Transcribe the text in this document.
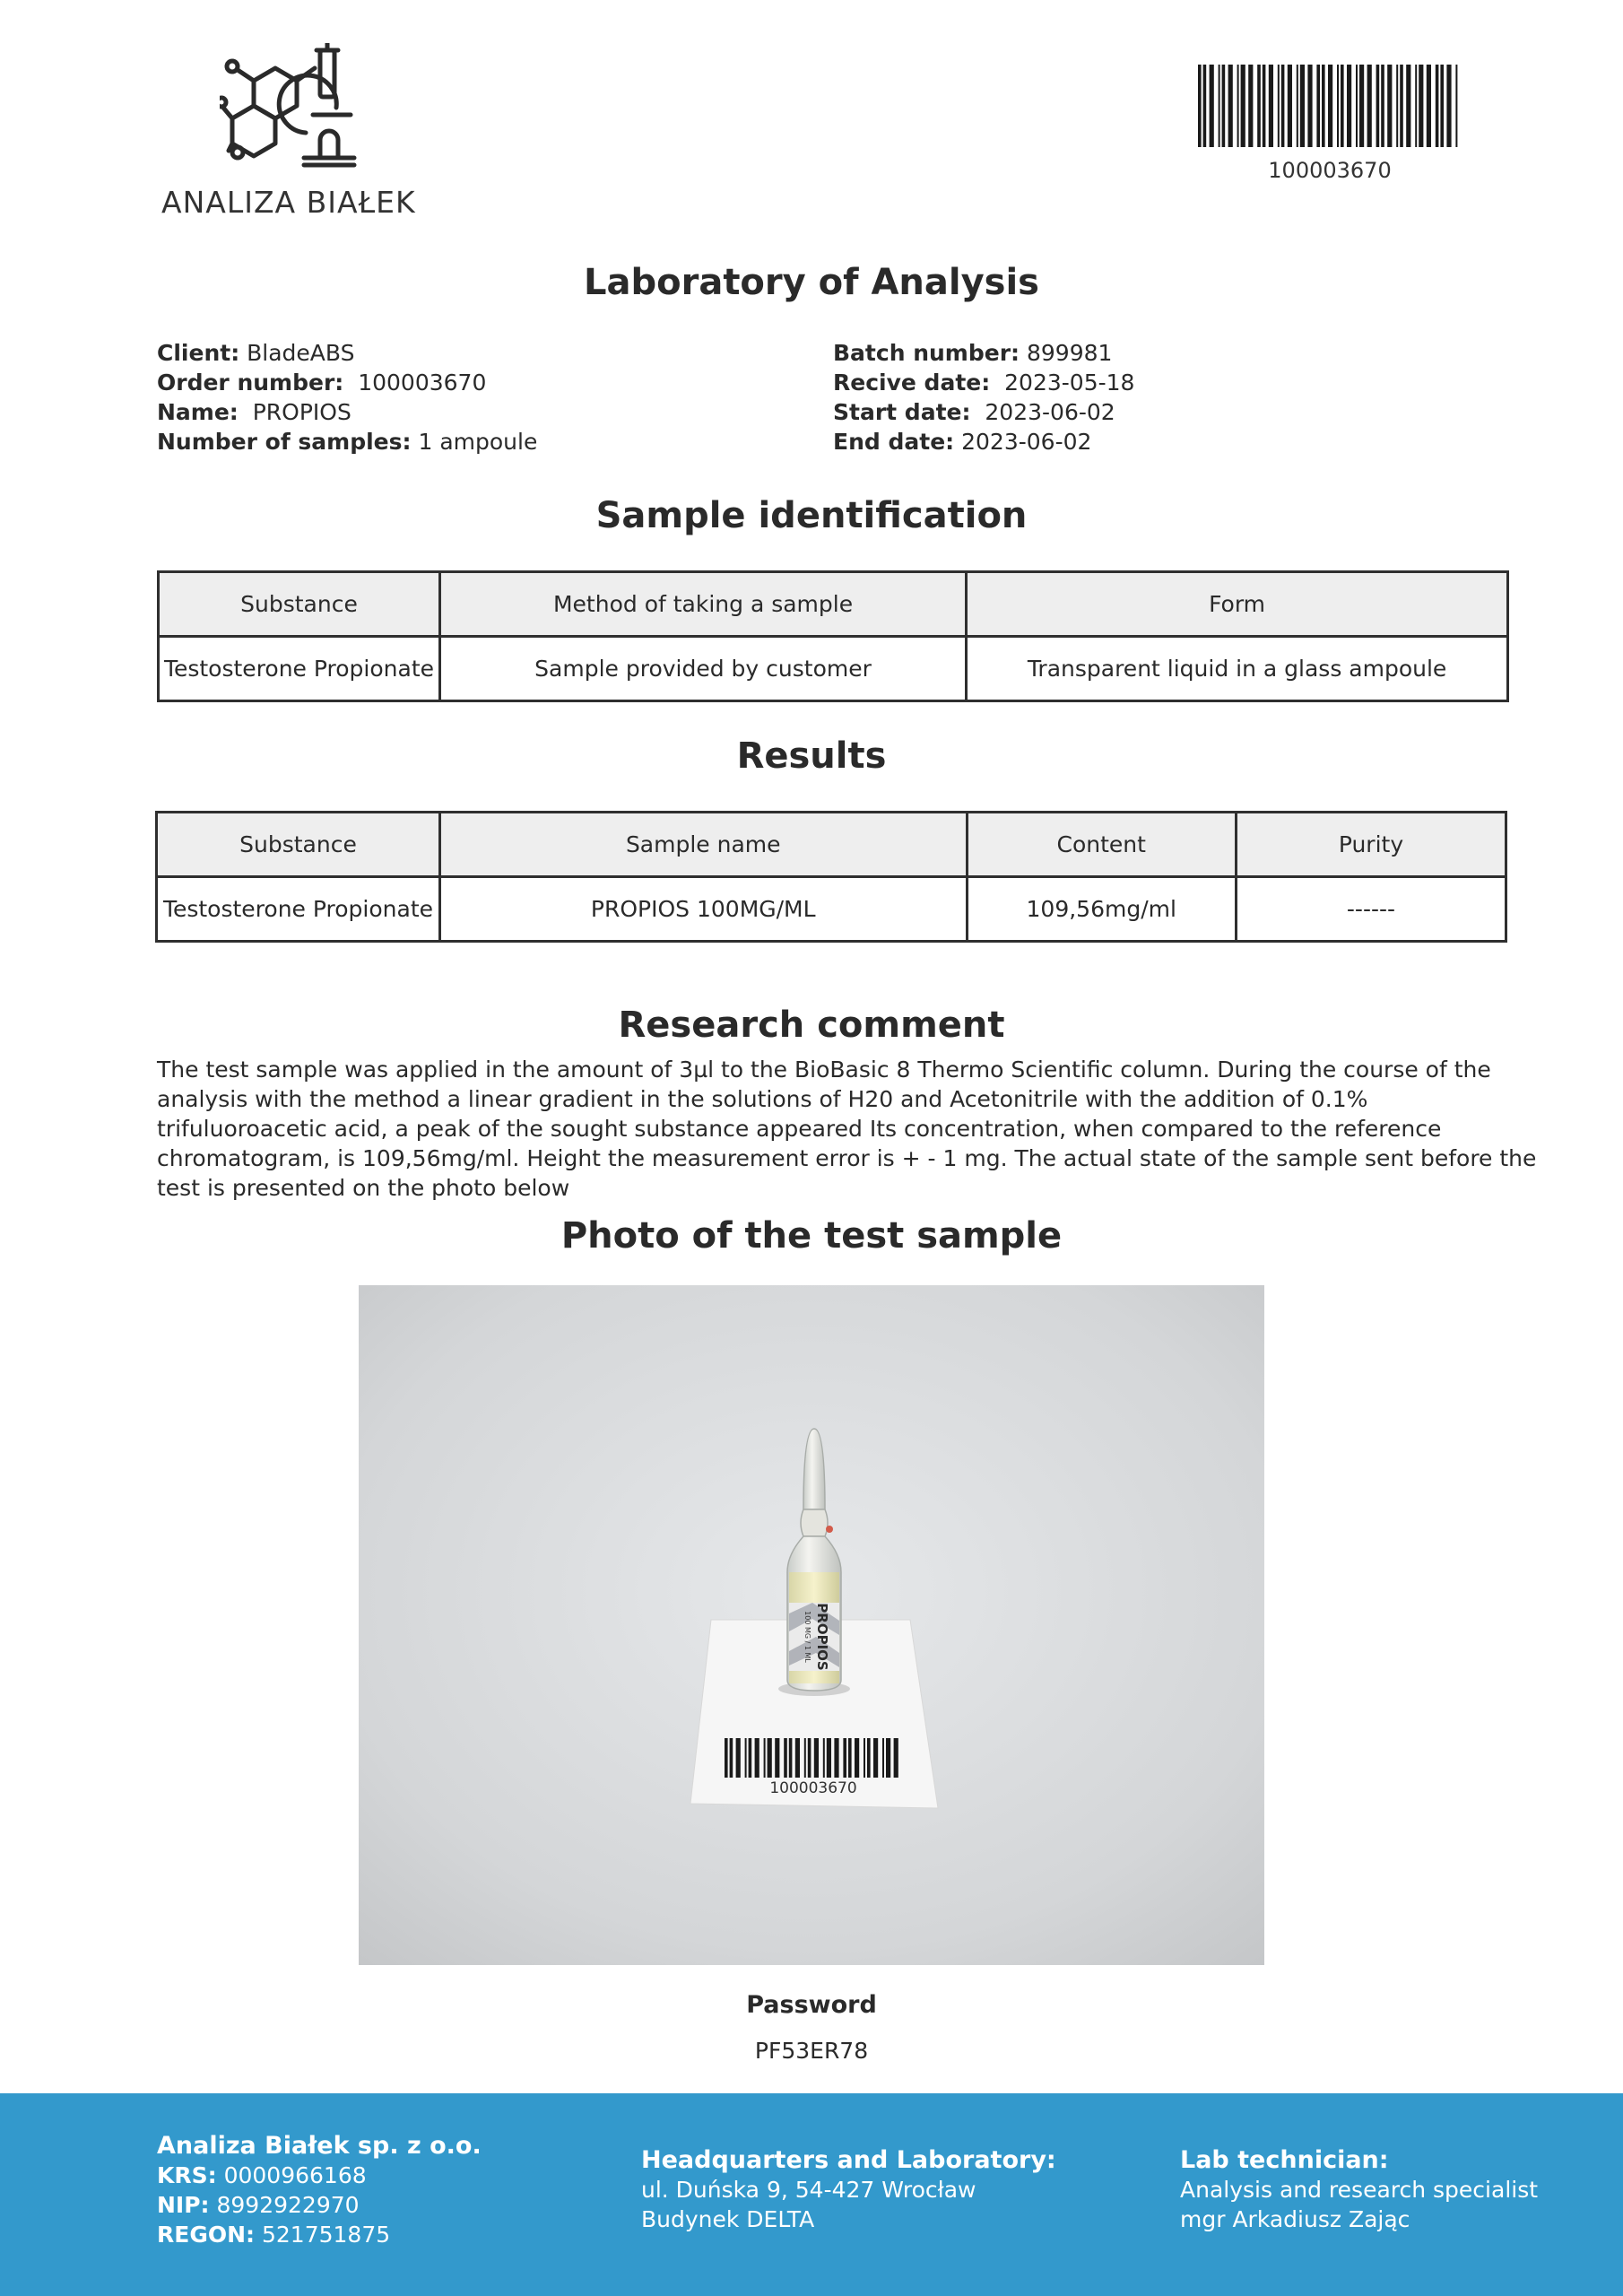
ANALIZA BIAŁEK
100003670
Laboratory of Analysis
Client: BladeABS
Order number: 100003670
Name: PROPIOS
Number of samples: 1 ampoule
Batch number: 899981
Recive date: 2023-05-18
Start date: 2023-06-02
End date: 2023-06-02
Sample identification
Substance	Method of taking a sample	Form
Testosterone Propionate	Sample provided by customer	Transparent liquid in a glass ampoule
Results
Substance	Sample name	Content	Purity
Testosterone Propionate	PROPIOS 100MG/ML	109,56mg/ml	------
Research comment
The test sample was applied in the amount of 3µl to the BioBasic 8 Thermo Scientific column. During the course of the analysis with the method a linear gradient in the solutions of H20 and Acetonitrile with the addition of 0.1% trifuluoroacetic acid, a peak of the sought substance appeared Its concentration, when compared to the reference chromatogram, is 109,56mg/ml. Height the measurement error is + - 1 mg. The actual state of the sample sent before the test is presented on the photo below
Photo of the test sample
100003670
PROPIOS
100 MG / 1 ML
Password
PF53ER78
Analiza Białek sp. z o.o.
KRS: 0000966168
NIP: 8992922970
REGON: 521751875
Headquarters and Laboratory:
ul. Duńska 9, 54-427 Wrocław
Budynek DELTA
Lab technician:
Analysis and research specialist
mgr Arkadiusz Zając
